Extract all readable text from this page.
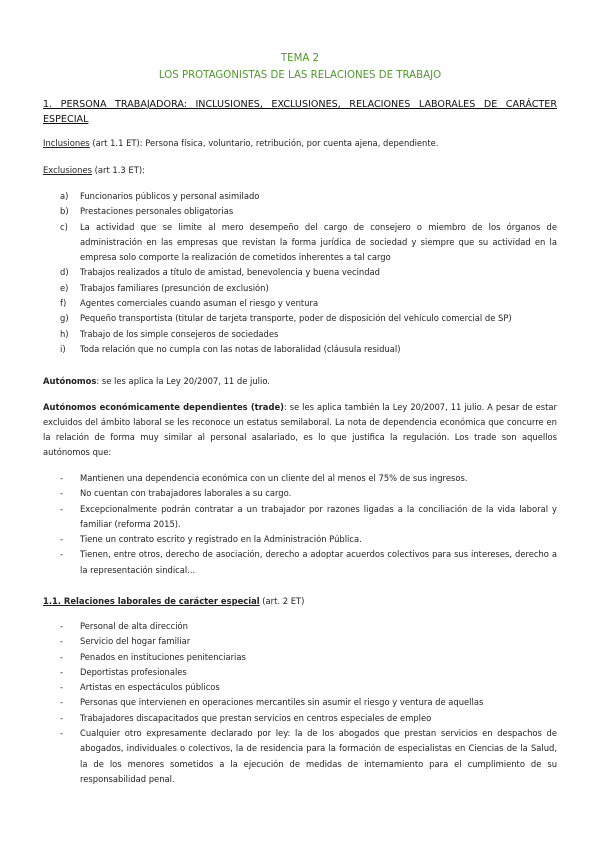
TEMA 2
LOS PROTAGONISTAS DE LAS RELACIONES DE TRABAJO
1. PERSONA TRABAJADORA: INCLUSIONES, EXCLUSIONES, RELACIONES LABORALES DE CARÁCTER ESPECIAL
Inclusiones (art 1.1 ET): Persona física, voluntario, retribución, por cuenta ajena, dependiente.
Exclusiones (art 1.3 ET):
a) Funcionarios públicos y personal asimilado
b) Prestaciones personales obligatorias
c) La actividad que se limite al mero desempeño del cargo de consejero o miembro de los órganos de administración en las empresas que revistan la forma jurídica de sociedad y siempre que su actividad en la empresa solo comporte la realización de cometidos inherentes a tal cargo
d) Trabajos realizados a título de amistad, benevolencia y buena vecindad
e) Trabajos familiares (presunción de exclusión)
f) Agentes comerciales cuando asuman el riesgo y ventura
g) Pequeño transportista (titular de tarjeta transporte, poder de disposición del vehículo comercial de SP)
h) Trabajo de los simple consejeros de sociedades
i) Toda relación que no cumpla con las notas de laboralidad (cláusula residual)
Autónomos: se les aplica la Ley 20/2007, 11 de julio.
Autónomos económicamente dependientes (trade): se les aplica también la Ley 20/2007, 11 julio. A pesar de estar excluidos del ámbito laboral se les reconoce un estatus semilaboral. La nota de dependencia económica que concurre en la relación de forma muy similar al personal asalariado, es lo que justifica la regulación. Los trade son aquellos autónomos que:
- Mantienen una dependencia económica con un cliente del al menos el 75% de sus ingresos.
- No cuentan con trabajadores laborales a su cargo.
- Excepcionalmente podrán contratar a un trabajador por razones ligadas a la conciliación de la vida laboral y familiar (reforma 2015).
- Tiene un contrato escrito y registrado en la Administración Pública.
- Tienen, entre otros, derecho de asociación, derecho a adoptar acuerdos colectivos para sus intereses, derecho a la representación sindical...
1.1. Relaciones laborales de carácter especial (art. 2 ET)
- Personal de alta dirección
- Servicio del hogar familiar
- Penados en instituciones penitenciarias
- Deportistas profesionales
- Artistas en espectáculos públicos
- Personas que intervienen en operaciones mercantiles sin asumir el riesgo y ventura de aquellas
- Trabajadores discapacitados que prestan servicios en centros especiales de empleo
- Cualquier otro expresamente declarado por ley: la de los abogados que prestan servicios en despachos de abogados, individuales o colectivos, la de residencia para la formación de especialistas en Ciencias de la Salud, la de los menores sometidos a la ejecución de medidas de internamiento para el cumplimiento de su responsabilidad penal.
